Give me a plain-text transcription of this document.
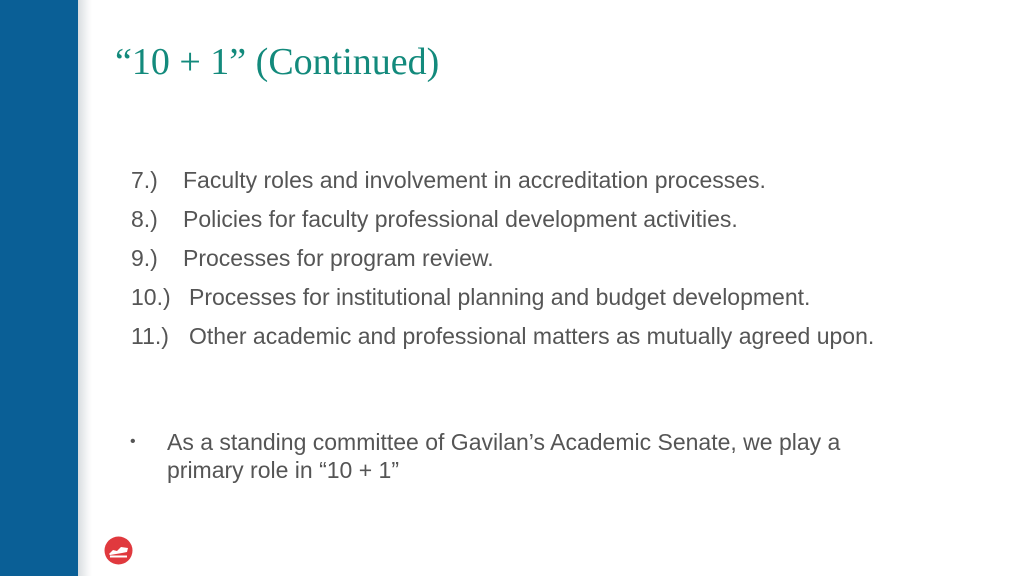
“10 + 1” (Continued)
7.) Faculty roles and involvement in accreditation processes.
8.) Policies for faculty professional development activities.
9.) Processes for program review.
10.) Processes for institutional planning and budget development.
11.) Other academic and professional matters as mutually agreed upon.
• As a standing committee of Gavilan’s Academic Senate, we play a primary role in “10 + 1”
